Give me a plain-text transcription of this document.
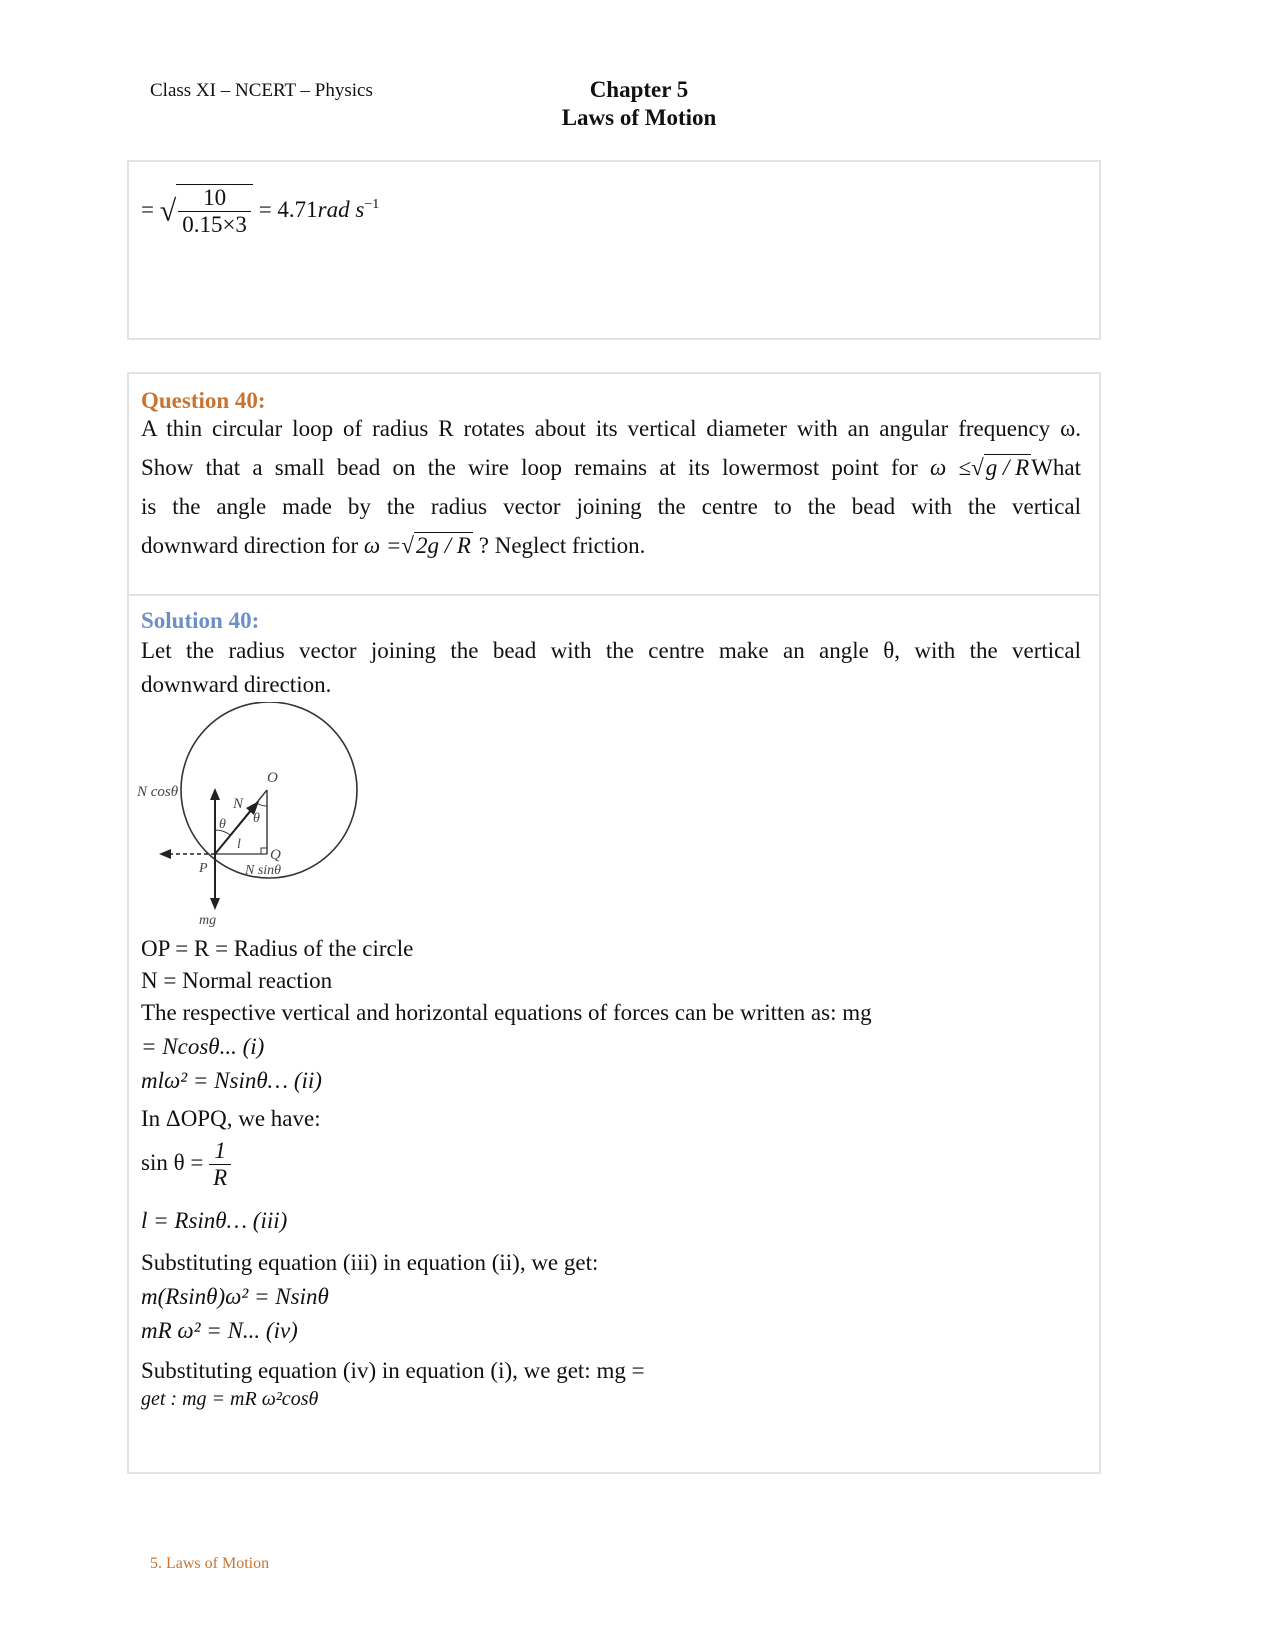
Class XI – NCERT – Physics	Chapter 5
Laws of Motion
= √ $\frac{10}{0.15\times 3} = 4.71rad$ $s^{-1}$
Question 40:
A thin circular loop of radius R rotates about its vertical diameter with an angular frequency ω.
Show that a small bead on the wire loop remains at its lowermost point for ω ≤√g / RWhat
is the angle made by the radius vector joining the centre to the bead with the vertical
downward direction for ω =√2g / R ? Neglect friction.
Solution 40:
Let the radius vector joining the bead with the centre make an angle θ, with the vertical
downward direction.
N cosθ
O
N
θ θ
l
Q
P	N sinθ
mg
OP = R = Radius of the circle
N = Normal reaction
The respective vertical and horizontal equations of forces can be written as: mg
= Ncosθ... (i)
mlω² = Nsinθ… (ii)
In ΔOPQ, we have:
$\sin \theta = \frac{1}{R}$
l = Rsinθ… (iii)
Substituting equation (iii) in equation (ii), we get:
m(Rsinθ)ω² = Nsinθ
mR ω² = N... (iv)
Substituting equation (iv) in equation (i), we get: mg =
get : mg = mR ω²cosθ
5. Laws of Motion
